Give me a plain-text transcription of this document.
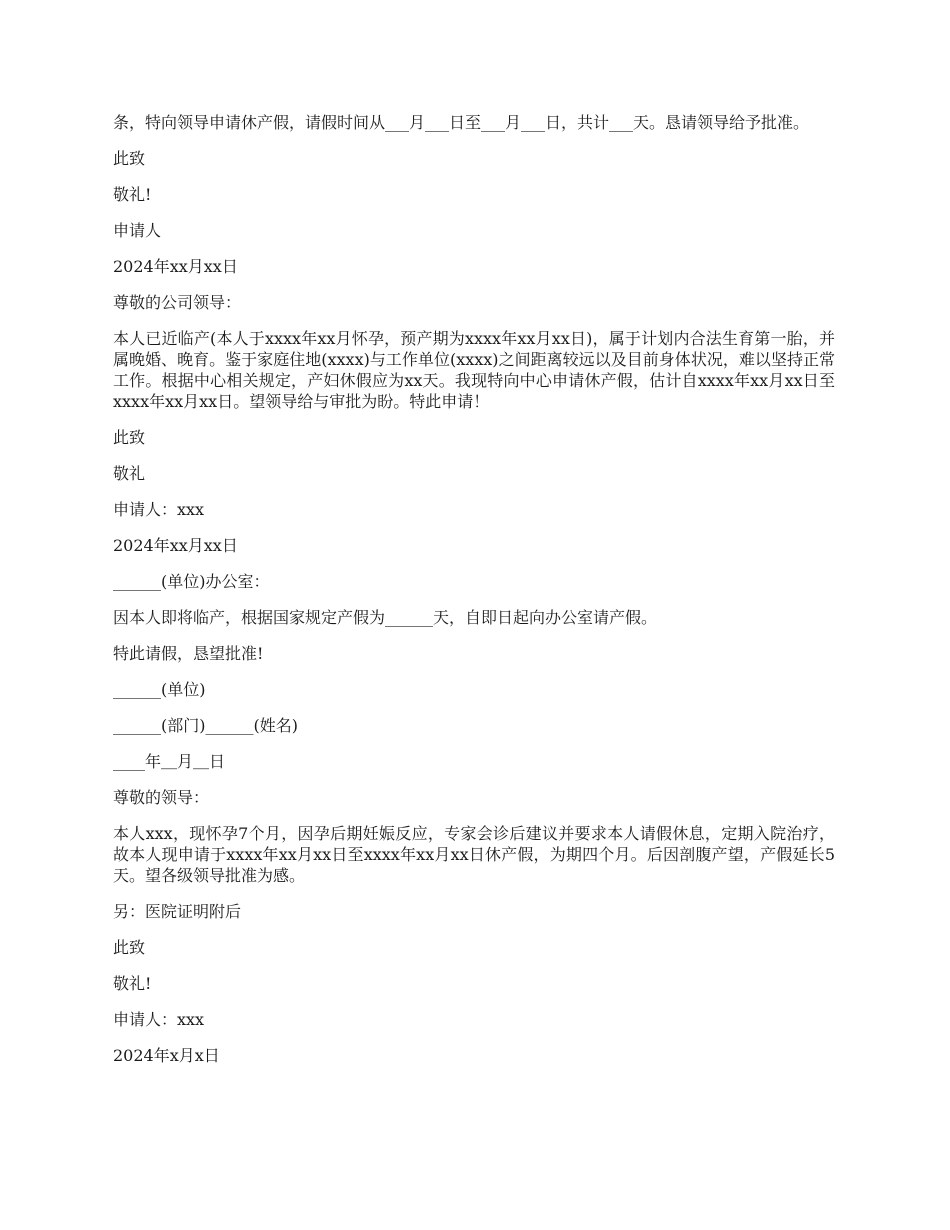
条，特向领导申请休产假，请假时间从___月___日至___月___日，共计___天。恳请领导给予批准。

此致

敬礼!

申请人

2024年xx月xx日

尊敬的公司领导：

本人已近临产(本人于xxxx年xx月怀孕，预产期为xxxx年xx月xx日)，属于计划内合法生育第一胎，并属晚婚、晚育。鉴于家庭住地(xxxx)与工作单位(xxxx)之间距离较远以及目前身体状况，难以坚持正常工作。根据中心相关规定，产妇休假应为xx天。我现特向中心申请休产假，估计自xxxx年xx月xx日至xxxx年xx月xx日。望领导给与审批为盼。特此申请！

此致

敬礼

申请人：xxx

2024年xx月xx日

______(单位)办公室：

因本人即将临产，根据国家规定产假为______天，自即日起向办公室请产假。

特此请假，恳望批准!

______(单位)

______(部门)______(姓名)

____年＿月＿日

尊敬的领导：

本人xxx，现怀孕7个月，因孕后期妊娠反应，专家会诊后建议并要求本人请假休息，定期入院治疗，故本人现申请于xxxx年xx月xx日至xxxx年xx月xx日休产假，为期四个月。后因剖腹产望，产假延长5天。望各级领导批准为感。

另：医院证明附后

此致

敬礼!

申请人：xxx

2024年x月x日
